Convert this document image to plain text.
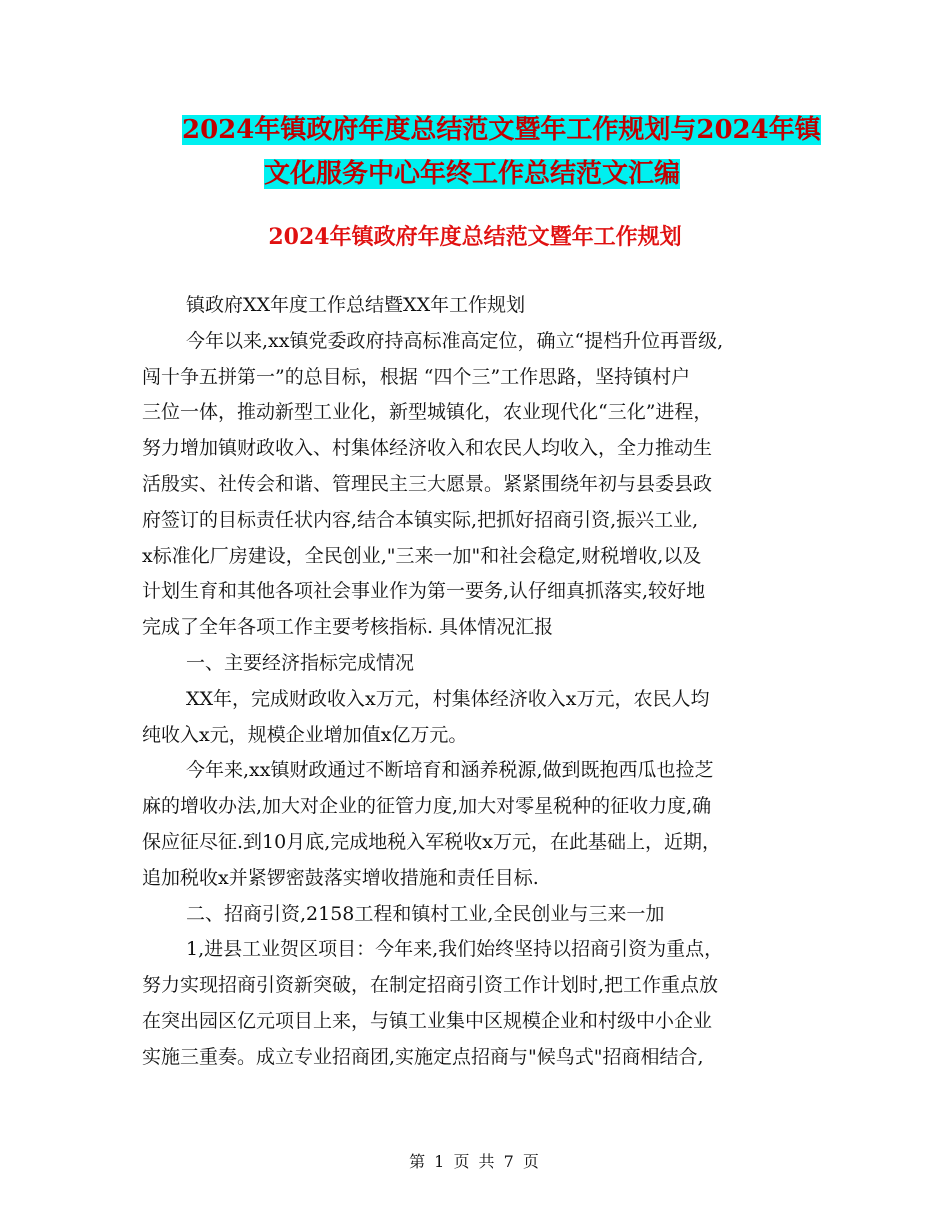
2024年镇政府年度总结范文暨年工作规划与2024年镇
文化服务中心年终工作总结范文汇编
2024年镇政府年度总结范文暨年工作规划

镇政府XX年度工作总结暨XX年工作规划

今年以来,xx镇党委政府持高标准高定位，确立“提档升位再晋级,

闯十争五拼第一”的总目标，根据 “四个三”工作思路，坚持镇村户

三位一体，推动新型工业化，新型城镇化，农业现代化“三化”进程，

努力增加镇财政收入、村集体经济收入和农民人均收入，全力推动生

活殷实、社传会和谐、管理民主三大愿景。紧紧围绕年初与县委县政

府签订的目标责任状内容,结合本镇实际,把抓好招商引资,振兴工业,

x标准化厂房建设，全民创业,"三来一加"和社会稳定,财税增收,以及

计划生育和其他各项社会事业作为第一要务,认仔细真抓落实,较好地

完成了全年各项工作主要考核指标. 具体情况汇报

一、主要经济指标完成情况

XX年，完成财政收入x万元，村集体经济收入x万元，农民人均

纯收入x元，规模企业增加值x亿万元。

今年来,xx镇财政通过不断培育和涵养税源,做到既抱西瓜也捡芝

麻的增收办法,加大对企业的征管力度,加大对零星税种的征收力度,确

保应征尽征.到10月底,完成地税入军税收x万元，在此基础上，近期，

追加税收x并紧锣密鼓落实增收措施和责任目标.

二、招商引资,2158工程和镇村工业,全民创业与三来一加

1,进县工业贺区项目：今年来,我们始终坚持以招商引资为重点，

努力实现招商引资新突破，在制定招商引资工作计划时,把工作重点放

在突出园区亿元项目上来，与镇工业集中区规模企业和村级中小企业

实施三重奏。成立专业招商团,实施定点招商与"候鸟式"招商相结合,

第 1 页 共 7 页
